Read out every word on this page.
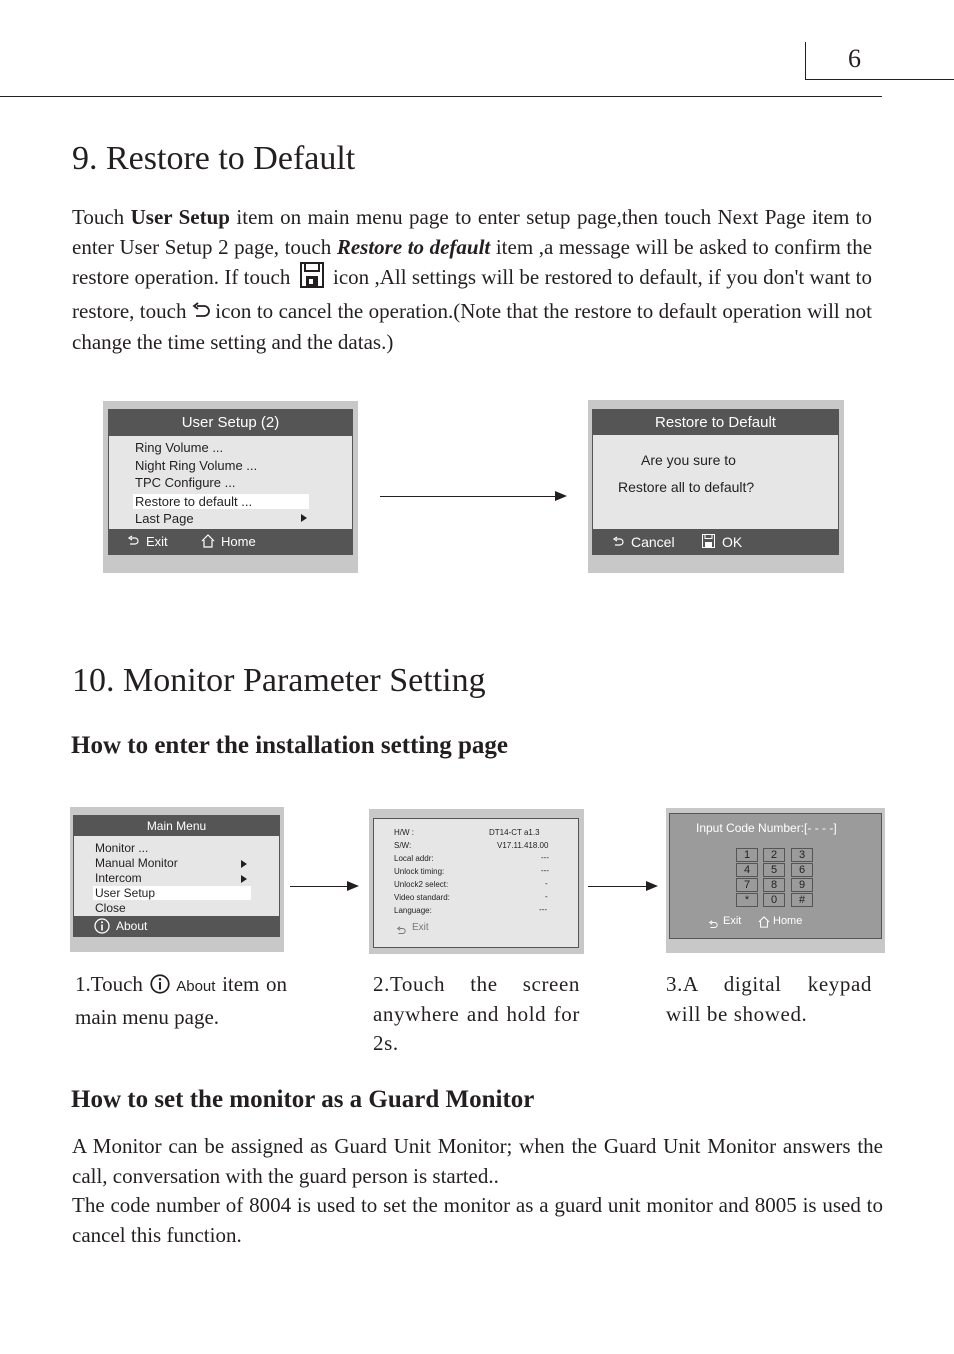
6
9. Restore to Default
Touch User Setup item on main menu page to enter setup page,then touch Next Page item to enter User Setup 2 page, touch Restore to default item ,a message will be asked to confirm the restore operation. If touch icon ,All settings will be restored to default, if you don't want to restore, touch icon to cancel the operation.(Note that the restore to default operation will not change the time setting and the datas.)
User Setup (2)
Ring Volume ...
Night Ring Volume ...
TPC Configure ...
Restore to default ...
Last Page
Exit	Home
Restore to Default
Are you sure to
Restore all to default?
Cancel	OK
10. Monitor Parameter Setting
How to enter the installation setting page
Main Menu
Monitor ...
Manual Monitor
Intercom
User Setup
Close
About
H/W :	DT14-CT a1.3
S/W:	V17.11.418.00
Local addr:	---
Unlock timing:	---
Unlock2 select:	-
Video standard:	-
Language:	---
Exit
Input Code Number:[- - - -]
1	2	3
4	5	6
7	8	9
*	0	#
Exit	Home
1.Touch About item on main menu page.
2.Touch the screen anywhere and hold for 2s.
3.A digital keypad will be showed.
How to set the monitor as a Guard Monitor
A Monitor can be assigned as Guard Unit Monitor; when the Guard Unit Monitor answers the call, conversation with the guard person is started..
The code number of 8004 is used to set the monitor as a guard unit monitor and 8005 is used to cancel this function.
